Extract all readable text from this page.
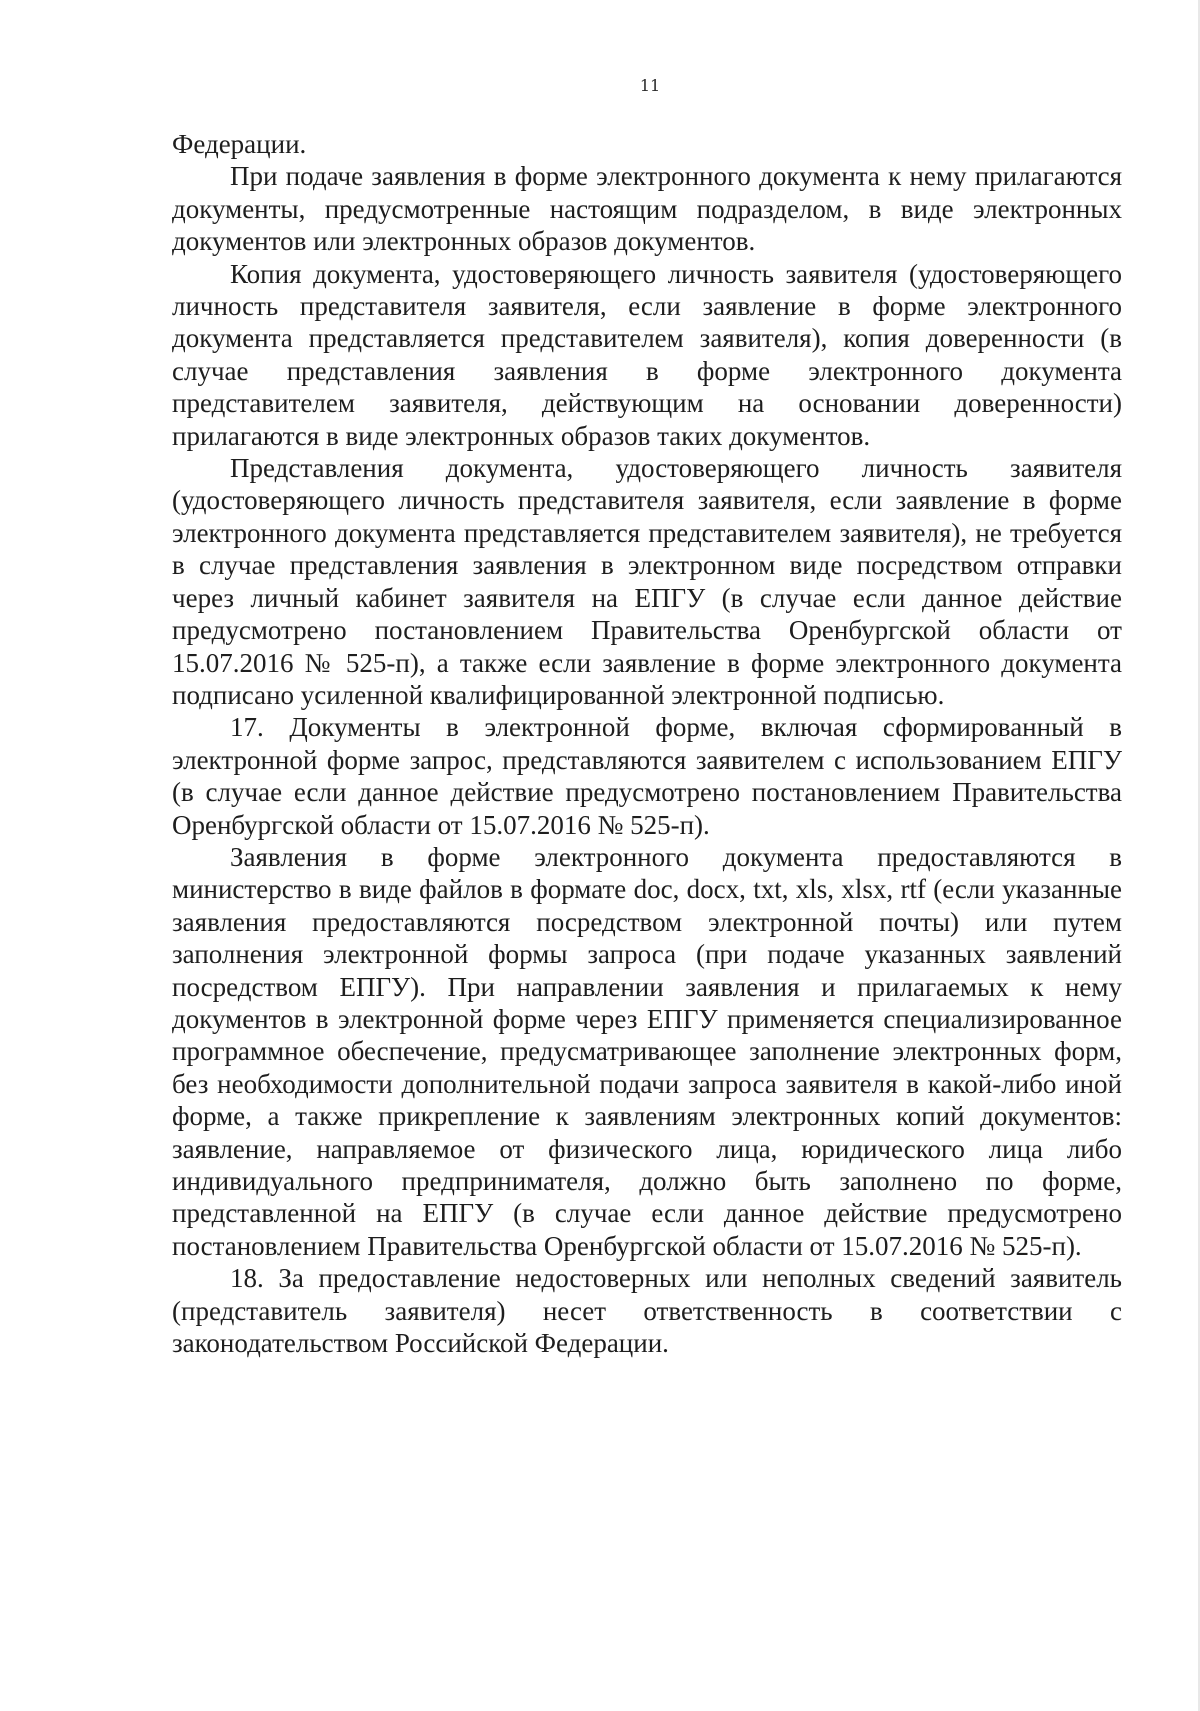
11

Федерации.

При подаче заявления в форме электронного документа к нему прилагаются документы, предусмотренные настоящим подразделом, в виде электронных документов или электронных образов документов.

Копия документа, удостоверяющего личность заявителя (удостоверяющего личность представителя заявителя, если заявление в форме электронного документа представляется представителем заявителя), копия доверенности (в случае представления заявления в форме электронного документа представителем заявителя, действующим на основании доверенности) прилагаются в виде электронных образов таких документов.

Представления документа, удостоверяющего личность заявителя (удостоверяющего личность представителя заявителя, если заявление в форме электронного документа представляется представителем заявителя), не требуется в случае представления заявления в электронном виде посредством отправки через личный кабинет заявителя на ЕПГУ (в случае если данное действие предусмотрено постановлением Правительства Оренбургской области от 15.07.2016 № 525-п), а также если заявление в форме электронного документа подписано усиленной квалифицированной электронной подписью.

17. Документы в электронной форме, включая сформированный в электронной форме запрос, представляются заявителем с использованием ЕПГУ (в случае если данное действие предусмотрено постановлением Правительства Оренбургской области от 15.07.2016 № 525-п).

Заявления в форме электронного документа предоставляются в министерство в виде файлов в формате doc, docx, txt, xls, xlsx, rtf (если указанные заявления предоставляются посредством электронной почты) или путем заполнения электронной формы запроса (при подаче указанных заявлений посредством ЕПГУ). При направлении заявления и прилагаемых к нему документов в электронной форме через ЕПГУ применяется специализированное программное обеспечение, предусматривающее заполнение электронных форм, без необходимости дополнительной подачи запроса заявителя в какой-либо иной форме, а также прикрепление к заявлениям электронных копий документов: заявление, направляемое от физического лица, юридического лица либо индивидуального предпринимателя, должно быть заполнено по форме, представленной на ЕПГУ (в случае если данное действие предусмотрено постановлением Правительства Оренбургской области от 15.07.2016 № 525-п).

18. За предоставление недостоверных или неполных сведений заявитель (представитель заявителя) несет ответственность в соответствии с законодательством Российской Федерации.
